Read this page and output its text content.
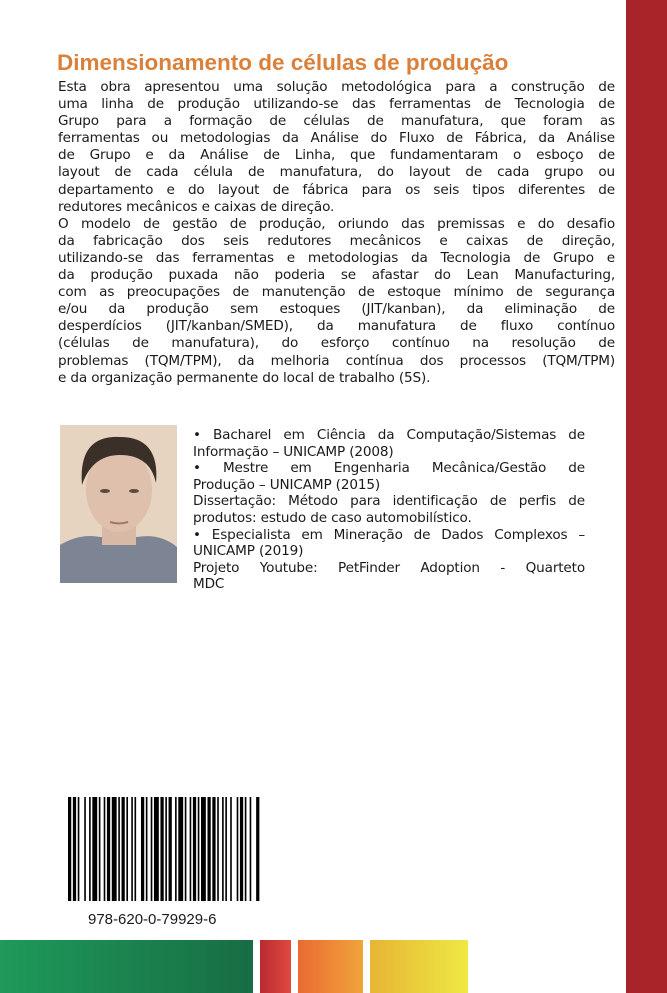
Dimensionamento de células de produção
Esta obra apresentou uma solução metodológica para a construção de
uma linha de produção utilizando-se das ferramentas de Tecnologia de
Grupo para a formação de células de manufatura, que foram as
ferramentas ou metodologias da Análise do Fluxo de Fábrica, da Análise
de Grupo e da Análise de Linha, que fundamentaram o esboço de
layout de cada célula de manufatura, do layout de cada grupo ou
departamento e do layout de fábrica para os seis tipos diferentes de
redutores mecânicos e caixas de direção.
O modelo de gestão de produção, oriundo das premissas e do desafio
da fabricação dos seis redutores mecânicos e caixas de direção,
utilizando-se das ferramentas e metodologias da Tecnologia de Grupo e
da produção puxada não poderia se afastar do Lean Manufacturing,
com as preocupações de manutenção de estoque mínimo de segurança
e/ou da produção sem estoques (JIT/kanban), da eliminação de
desperdícios (JIT/kanban/SMED), da manufatura de fluxo contínuo
(células de manufatura), do esforço contínuo na resolução de
problemas (TQM/TPM), da melhoria contínua dos processos (TQM/TPM)
e da organização permanente do local de trabalho (5S).
• Bacharel em Ciência da Computação/Sistemas de
Informação – UNICAMP (2008)
• Mestre em Engenharia Mecânica/Gestão de
Produção – UNICAMP (2015)
Dissertação: Método para identificação de perfis de
produtos: estudo de caso automobilístico.
• Especialista em Mineração de Dados Complexos –
UNICAMP (2019)
Projeto Youtube: PetFinder Adoption - Quarteto
MDC
978-620-0-79929-6
